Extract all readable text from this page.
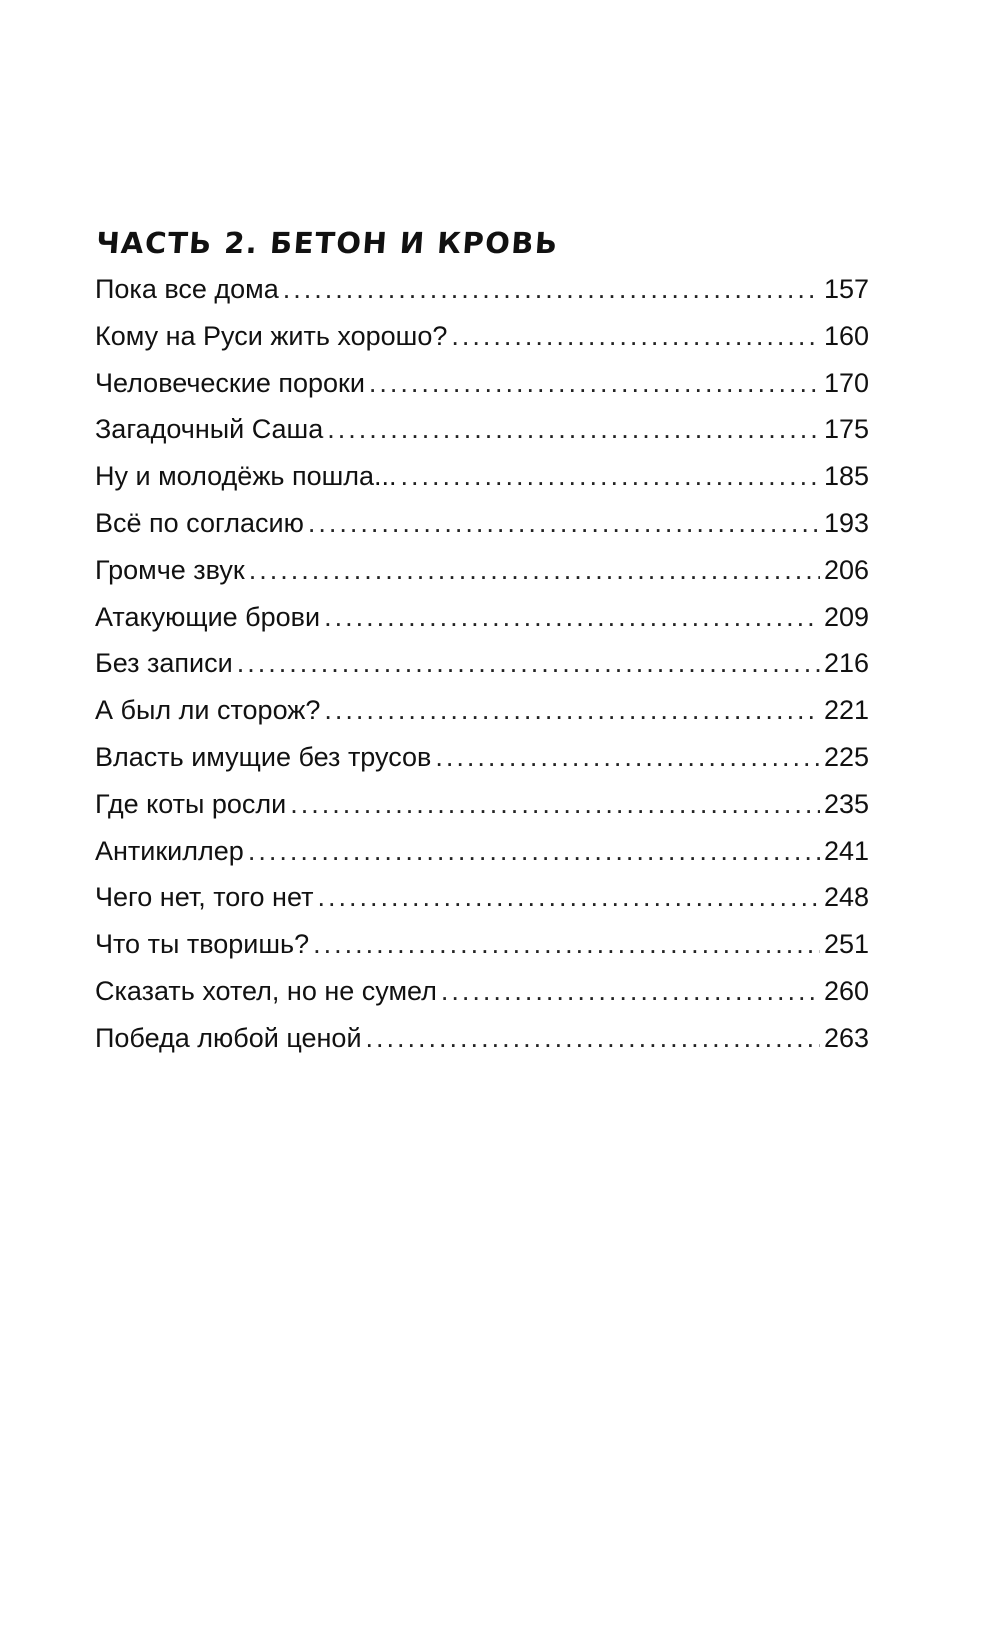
ЧАСТЬ 2. БЕТОН И КРОВЬ
Пока все дома .....	157
Кому на Руси жить хорошо? .....	160
Человеческие пороки .....	170
Загадочный Саша .....	175
Ну и молодёжь пошла... .....	185
Всё по согласию .....	193
Громче звук .....	206
Атакующие брови .....	209
Без записи .....	216
А был ли сторож? .....	221
Власть имущие без трусов .....	225
Где коты росли .....	235
Антикиллер .....	241
Чего нет, того нет .....	248
Что ты творишь? .....	251
Сказать хотел, но не сумел .....	260
Победа любой ценой .....	263
